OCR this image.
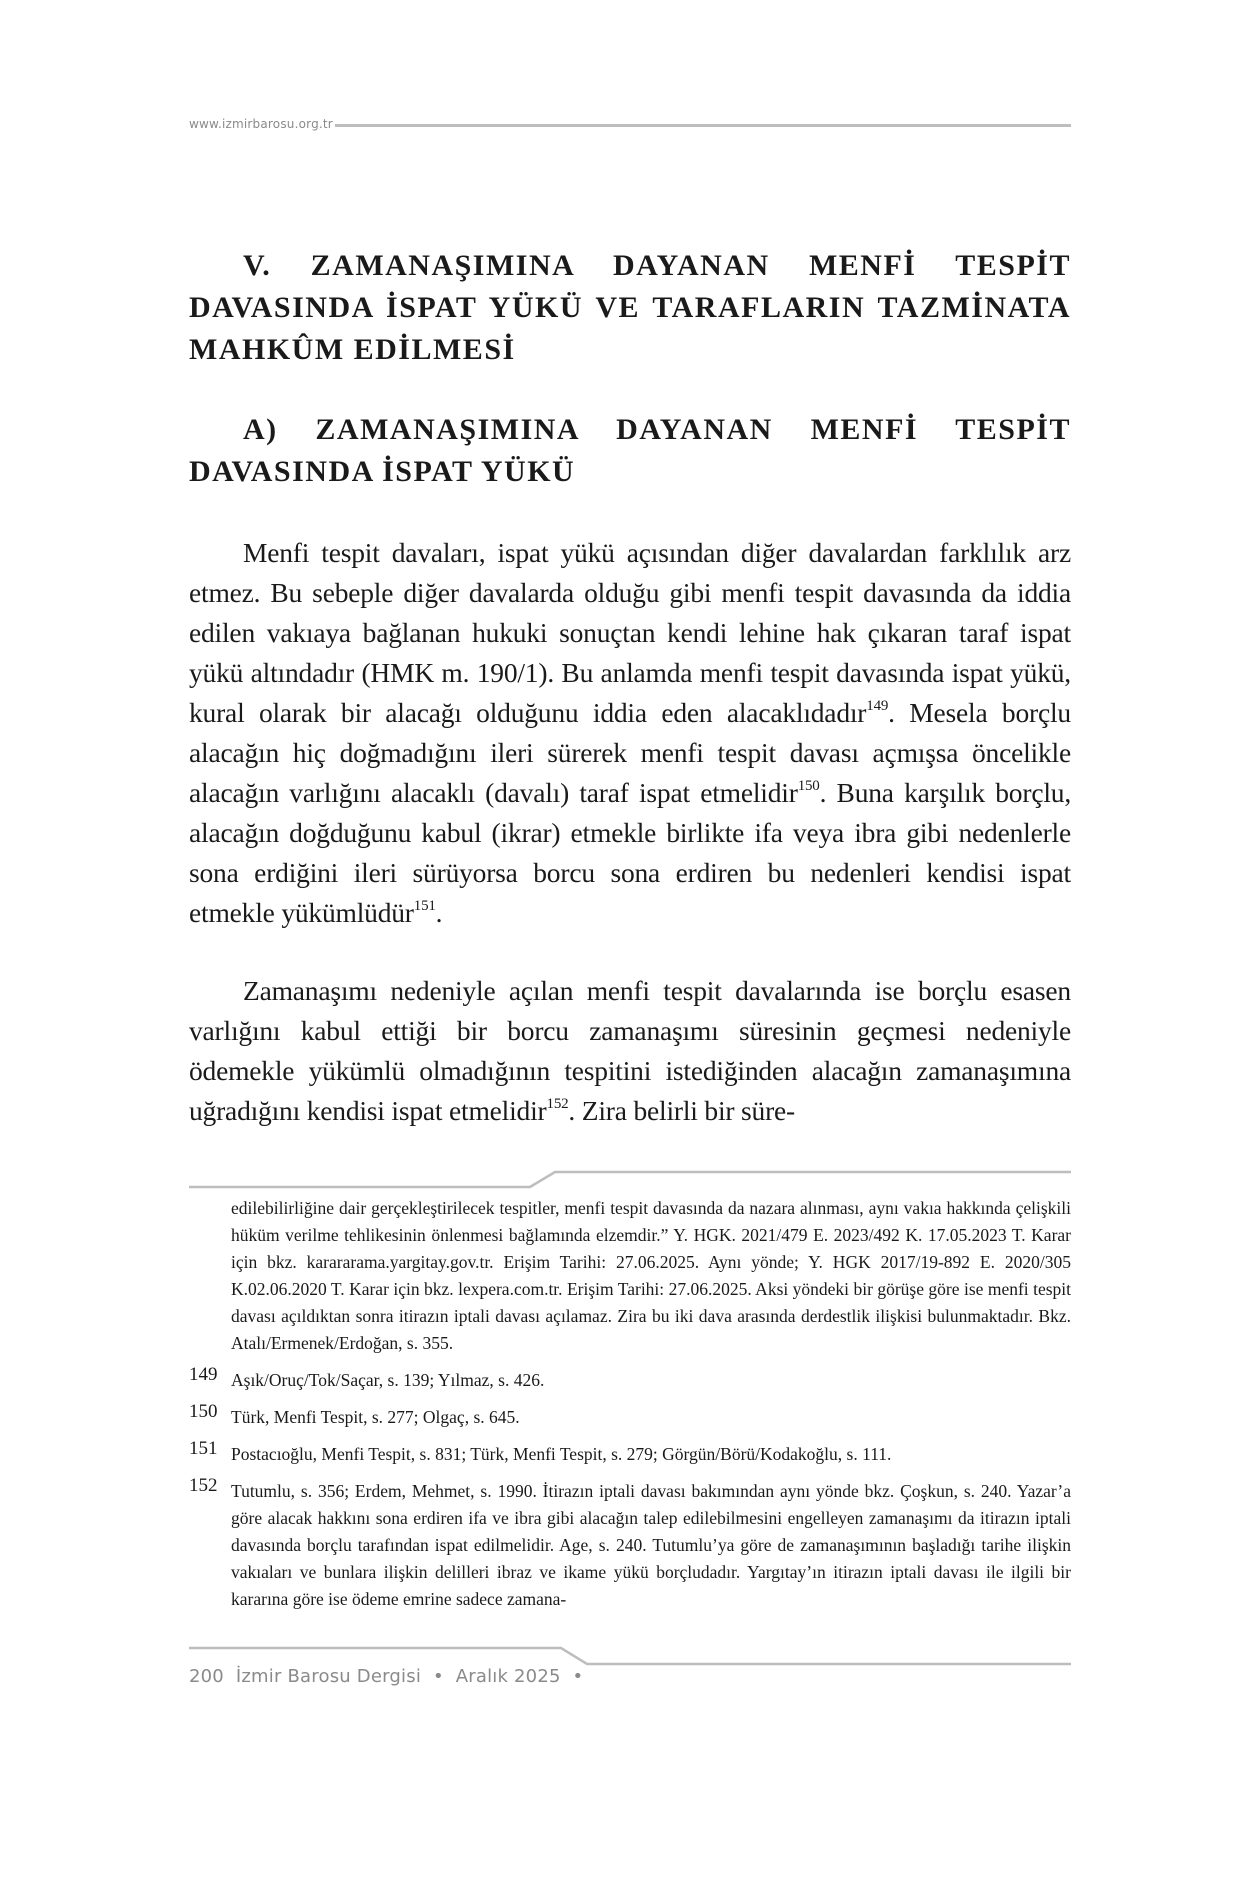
www.izmirbarosu.org.tr
V. ZAMANAŞIMINA DAYANAN MENFİ TESPİT DAVASINDA İSPAT YÜKÜ VE TARAFLARIN TAZMİNATA MAHKÛM EDİLMESİ
A) ZAMANAŞIMINA DAYANAN MENFİ TESPİT DAVASINDA İSPAT YÜKÜ

Menfi tespit davaları, ispat yükü açısından diğer davalardan farklılık arz etmez. Bu sebeple diğer davalarda olduğu gibi menfi tespit davasında da iddia edilen vakıaya bağlanan hukuki sonuçtan kendi lehine hak çıkaran taraf ispat yükü altındadır (HMK m. 190/1). Bu anlamda menfi tespit davasında ispat yükü, kural olarak bir alacağı olduğunu iddia eden alacaklıdadır$^{149}$. Mesela borçlu alacağın hiç doğmadığını ileri sürerek menfi tespit davası açmışsa öncelikle alacağın varlığını alacaklı (davalı) taraf ispat etmelidir$^{150}$. Buna karşılık borçlu, alacağın doğduğunu kabul (ikrar) etmekle birlikte ifa veya ibra gibi nedenlerle sona erdiğini ileri sürüyorsa borcu sona erdiren bu nedenleri kendisi ispat etmekle yükümlüdür$^{151}$.

Zamanaşımı nedeniyle açılan menfi tespit davalarında ise borçlu esasen varlığını kabul ettiği bir borcu zamanaşımı süresinin geçmesi nedeniyle ödemekle yükümlü olmadığının tespitini istediğinden alacağın zamanaşımına uğradığını kendisi ispat etmelidir$^{152}$. Zira belirli bir süre-

edilebilirliğine dair gerçekleştirilecek tespitler, menfi tespit davasında da nazara alınması, aynı vakıa hakkında çelişkili hüküm verilme tehlikesinin önlenmesi bağlamında elzemdir.” Y. HGK. 2021/479 E. 2023/492 K. 17.05.2023 T. Karar için bkz. karararama.yargitay.gov.tr. Erişim Tarihi: 27.06.2025. Aynı yönde; Y. HGK 2017/19-892 E. 2020/305 K.02.06.2020 T. Karar için bkz. lexpera.com.tr. Erişim Tarihi: 27.06.2025. Aksi yöndeki bir görüşe göre ise menfi tespit davası açıldıktan sonra itirazın iptali davası açılamaz. Zira bu iki dava arasında derdestlik ilişkisi bulunmaktadır. Bkz. Atalı/Ermenek/Erdoğan, s. 355.

149 Aşık/Oruç/Tok/Saçar, s. 139; Yılmaz, s. 426.

150 Türk, Menfi Tespit, s. 277; Olgaç, s. 645.

151 Postacıoğlu, Menfi Tespit, s. 831; Türk, Menfi Tespit, s. 279; Görgün/Börü/Kodakoğlu, s. 111.

152 Tutumlu, s. 356; Erdem, Mehmet, s. 1990. İtirazın iptali davası bakımından aynı yönde bkz. Çoşkun, s. 240. Yazar’a göre alacak hakkını sona erdiren ifa ve ibra gibi alacağın talep edilebilmesini engelleyen zamanaşımı da itirazın iptali davasında borçlu tarafından ispat edilmelidir. Age, s. 240. Tutumlu’ya göre de zamanaşımının başladığı tarihe ilişkin vakıaları ve bunlara ilişkin delilleri ibraz ve ikame yükü borçludadır. Yargıtay’ın itirazın iptali davası ile ilgili bir kararına göre ise ödeme emrine sadece zamana-

200 İzmir Barosu Dergisi • Aralık 2025 •
